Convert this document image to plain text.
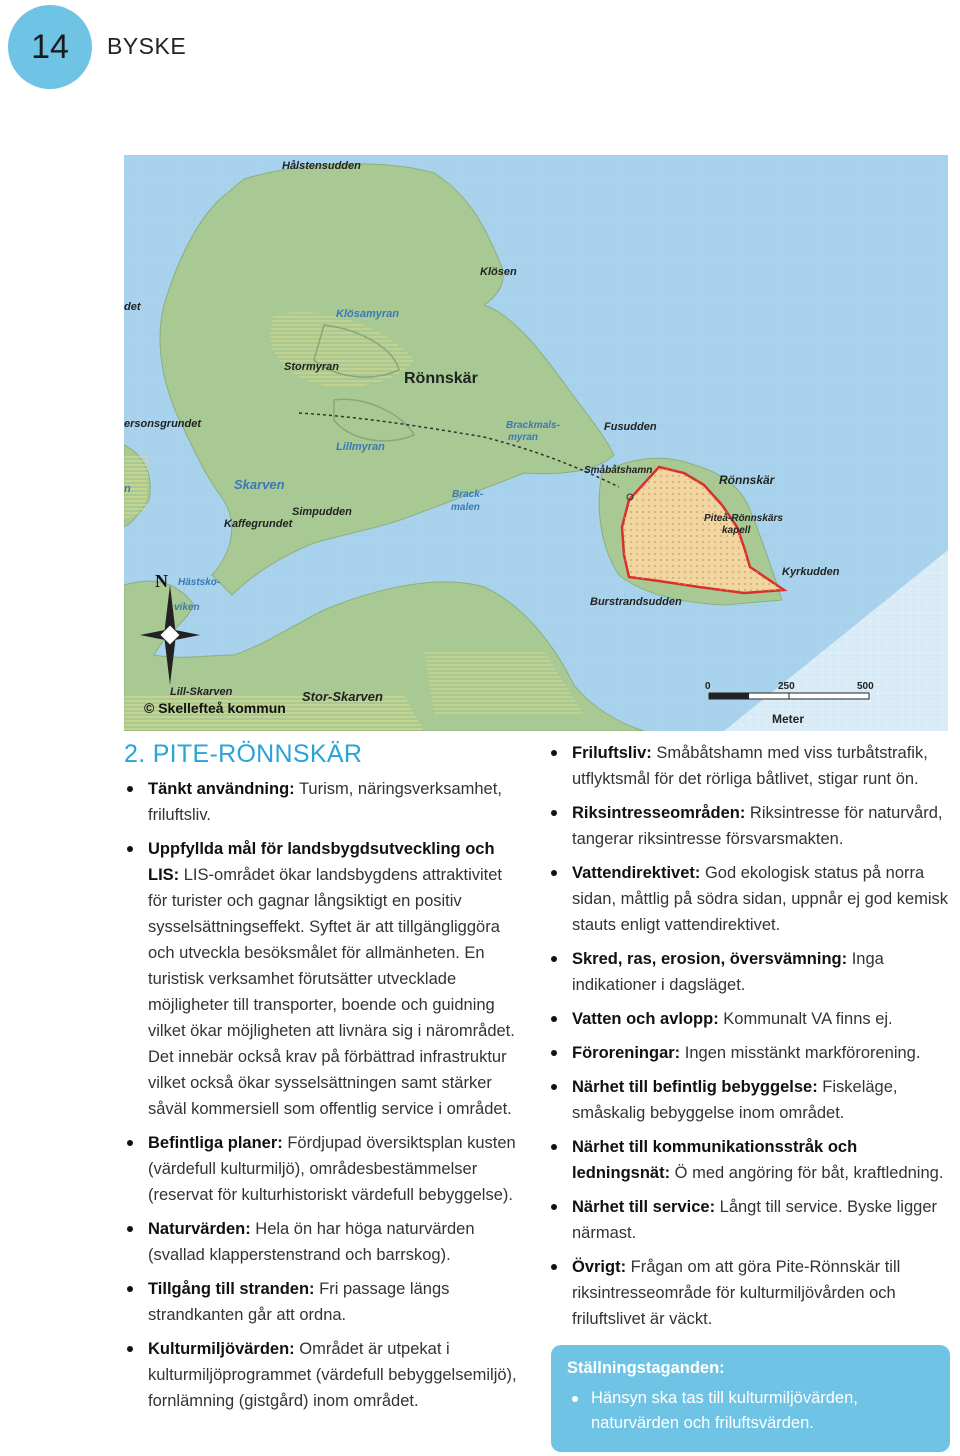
14 BYSKE
Hålstensudden
Klösen
det
Klösamyran
Stormyran
Rönnskär
ersonsgrundet	Brackmals-
myran
Lillmyran
Fusudden
Småbåtshamn
Rönnskär
n	Skarven
Brack-
malen
Kaffegrundet
Simpudden
Piteå-Rönnskärs
kapell
Hästsko-
viken
Kyrkudden
Burstrandsudden
N
Lill-Skarven	Stor-Skarven
© Skellefteå kommun
0	250	500
Meter
2. PITE-RÖNNSKÄR
Tänkt användning: Turism, näringsverksamhet, friluftsliv.
Uppfyllda mål för landsbygdsutveckling och LIS: LIS-området ökar landsbygdens attraktivitet för turister och gagnar långsiktigt en positiv sysselsättningseffekt. Syftet är att tillgängliggöra och utveckla besöksmålet för allmänheten. En turistisk verksamhet förutsätter utvecklade möjligheter till transporter, boende och guidning vilket ökar möjligheten att livnära sig i närområdet. Det innebär också krav på förbättrad infrastruktur vilket också ökar sysselsättningen samt stärker såväl kommersiell som offentlig service i området.
Befintliga planer: Fördjupad översiktsplan kusten (värdefull kulturmiljö), områdesbestämmelser (reservat för kulturhistoriskt värdefull bebyggelse).
Naturvärden: Hela ön har höga naturvärden (svallad klapperstenstrand och barrskog).
Tillgång till stranden: Fri passage längs strandkanten går att ordna.
Kulturmiljövärden: Området är utpekat i kulturmiljöprogrammet (värdefull bebyggelsemiljö), fornlämning (gistgård) inom området.
Friluftsliv: Småbåtshamn med viss turbåtstrafik, utflyktsmål för det rörliga båtlivet, stigar runt ön.
Riksintresseområden: Riksintresse för naturvård, tangerar riksintresse försvarsmakten.
Vattendirektivet: God ekologisk status på norra sidan, måttlig på södra sidan, uppnår ej god kemisk stauts enligt vattendirektivet.
Skred, ras, erosion, översvämning: Inga indikationer i dagsläget.
Vatten och avlopp: Kommunalt VA finns ej.
Föroreningar: Ingen misstänkt markförorening.
Närhet till befintlig bebyggelse: Fiskeläge, småskalig bebyggelse inom området.
Närhet till kommunikationsstråk och ledningsnät: Ö med angöring för båt, kraftledning.
Närhet till service: Långt till service. Byske ligger närmast.
Övrigt: Frågan om att göra Pite-Rönnskär till riksintresseområde för kulturmiljövården och friluftslivet är väckt.
Ställningstaganden:
Hänsyn ska tas till kulturmiljövärden, naturvärden och friluftsvärden.
